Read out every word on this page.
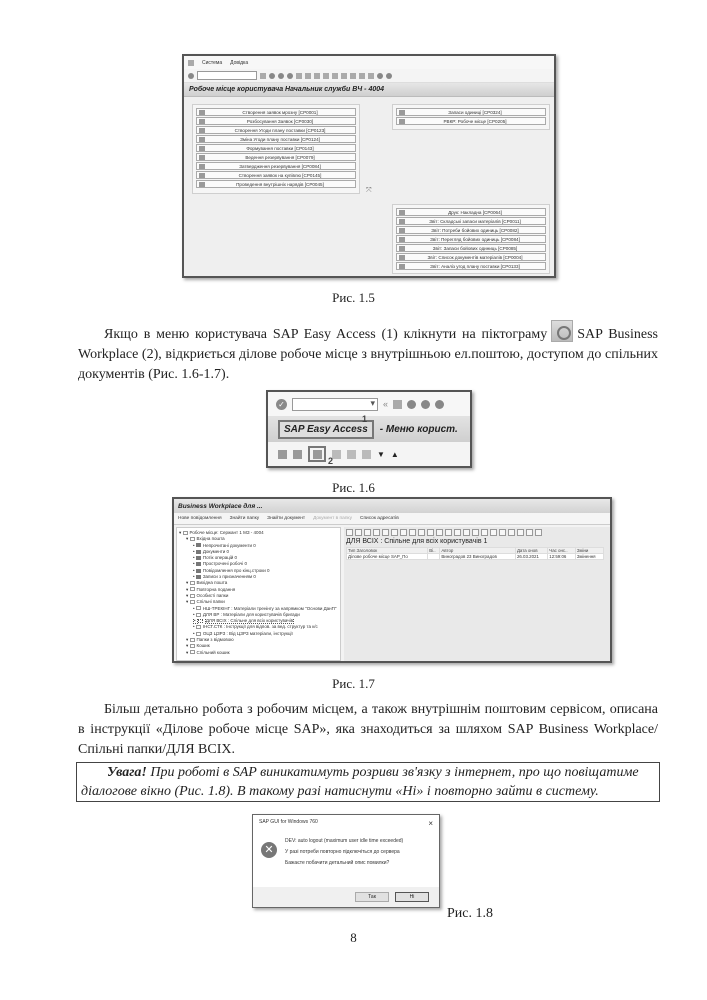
Система Довідка
Робоче місце користувача Начальник служби ВЧ - 4004
Створення заявок мрозну [CP0001]
Розбосування Заявок [CP0030]
Створення Угоди плану поставки [CP0123]
Зміна Угоди плану поставки [CP0124]
Формування поставки [CP0143]
Ведення резервування [CP0079]
Затвердження резервування [CP0084]
Створення заявок на купівлю [CP0145]
Проведення внутрішніх нарядів [CP0045]
Запаси одиниці [CP0324]
РВКР: Робоче місце [CP0205]
⤧
Друк: Накладна [CP0064]
Звіт: Складські запаси матеріалів [CP0011]
Звіт: Потреби бойових одиниць [CP0082]
Звіт: Перегляд бойових одиниць [CP0084]
Звіт: Запаси бойових одиниць [CP0085]
Звіт: Список документів матеріалів [CP0004]
Звіт: Аналіз угод плану поставки [CP0133]
Рис. 1.5
Якщо в меню користувача SAP Easy Access (1) клікнути на піктограму SAP Business Workplace (2), відкриється ділове робоче місце з внутрішньою ел.поштою, доступом до спільних документів (Рис. 1.6-1.7).
✓ ▾	«
SAP Easy Access	- Меню корист.
1
▼ ▲
2
Рис. 1.6
Business Workplace для ...
Нове повідомлення Знайти папку Знайти документ Документ в папку Список адресатів
▾ Робоче місце: Сержант 1 МЗ - 4004
▾ Вхідна пошта
• Непрочитані документи 0
• Документи 0
• Потік операцій 0
• Прострочені робочі 0
• Повідомлення про кінц.строки 0
• Записи з призначенням 0
▾ Вихідна пошта
▾ Повторна подання
▾ Особисті папки
▾ Спільні папки
• НШ-ТРЕКІНГ : Матеріали тренінгу за напрямком "Основи ДанП"
• ДЛЯ ВР : Матеріали для користувачів бригади
• ДЛЯ ВСІХ : Спільне для всіх користувачів
• ІНСТ.СТК : Інструкції для відпов. за вед. структур та к/с
• ОЦЗ ЦЗРЗ : Від ЦЗРЗ матеріали, інструкції
▾ Папки з відмовою
▾ Кошик
▾ Спільний кошик
ДЛЯ ВСІХ : Спільне для всіх користувачів 1
Тип Заголовок	Ві..	Автор	Дата онов	Час онс..	Зміни
Ділове робоче місце SAP_По		Виноградов 23 Виноградов	26.03.2021	12:59:06	Змінення
Рис. 1.7
Більш детально робота з робочим місцем, а також внутрішнім поштовим сервісом, описана в інструкції «Ділове робоче місце SAP», яка знаходиться за шляхом SAP Business Workplace/Спільні папки/ДЛЯ ВСІХ.
Увага! При роботі в SAP виникатимуть розриви зв'язку з інтернет, про що повіщатиме діалогове вікно (Рис. 1.8). В такому разі натиснути «Ні» і повторно зайти в систему.
SAP GUI for Windows 760	×
✕
DEV: auto logout (maximum user idle time exceeded)
У разі потреби повторно підключіться до сервера
Бажаєте побачити детальний опис помилки?
Так	Ні
Рис. 1.8
8
